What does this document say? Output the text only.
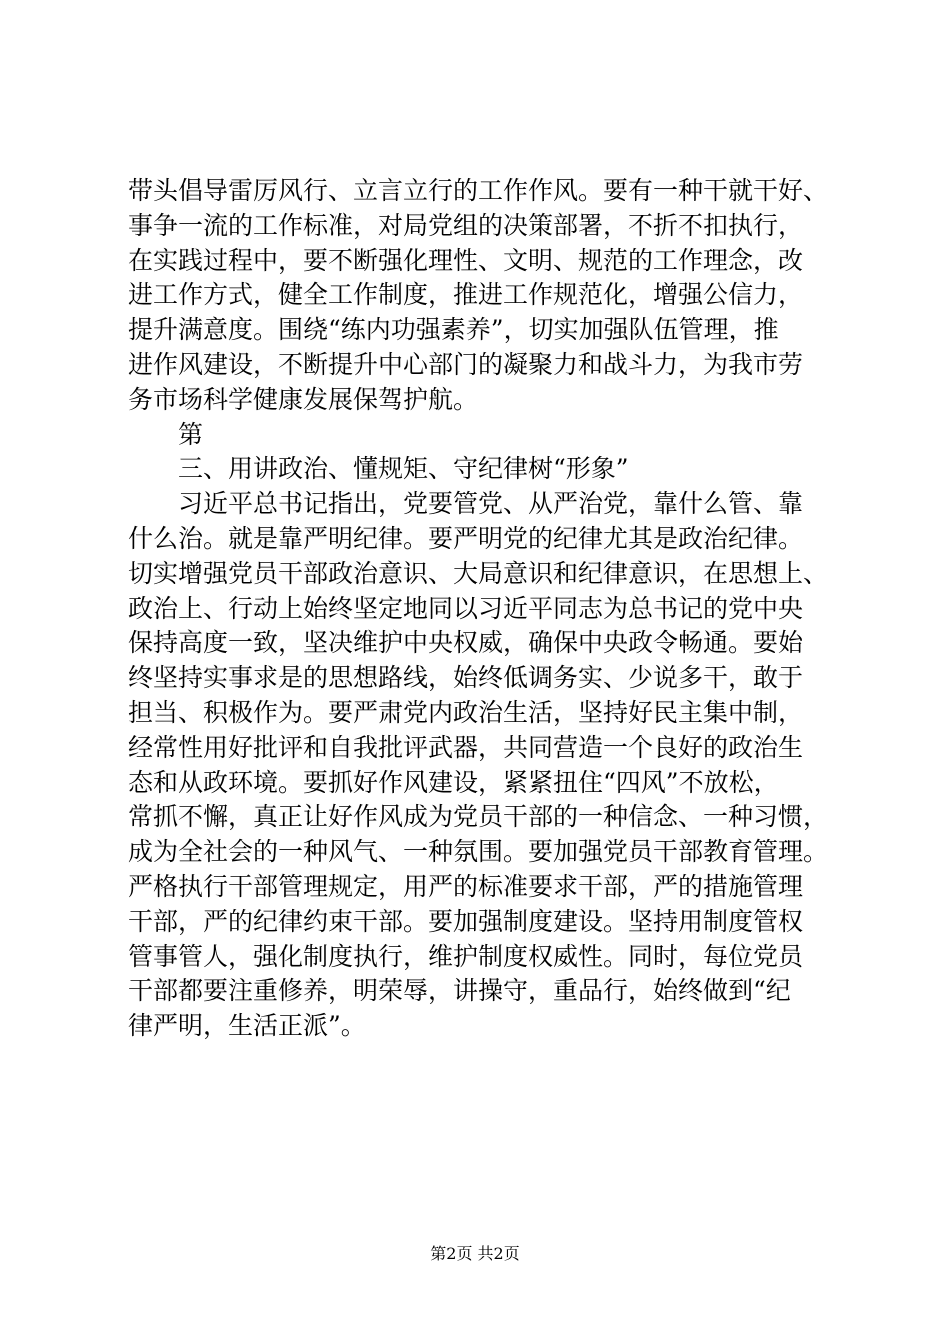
带头倡导雷厉风行、立言立行的工作作风。要有一种干就干好、
事争一流的工作标准，对局党组的决策部署，不折不扣执行，
在实践过程中，要不断强化理性、文明、规范的工作理念，改
进工作方式，健全工作制度，推进工作规范化，增强公信力，
提升满意度。围绕“练内功强素养”，切实加强队伍管理，推
进作风建设，不断提升中心部门的凝聚力和战斗力，为我市劳
务市场科学健康发展保驾护航。
第
三、用讲政治、懂规矩、守纪律树“形象”
习近平总书记指出，党要管党、从严治党，靠什么管、靠
什么治。就是靠严明纪律。要严明党的纪律尤其是政治纪律。
切实增强党员干部政治意识、大局意识和纪律意识，在思想上、
政治上、行动上始终坚定地同以习近平同志为总书记的党中央
保持高度一致，坚决维护中央权威，确保中央政令畅通。要始
终坚持实事求是的思想路线，始终低调务实、少说多干，敢于
担当、积极作为。要严肃党内政治生活，坚持好民主集中制，
经常性用好批评和自我批评武器，共同营造一个良好的政治生
态和从政环境。要抓好作风建设，紧紧扭住“四风”不放松，
常抓不懈，真正让好作风成为党员干部的一种信念、一种习惯，
成为全社会的一种风气、一种氛围。要加强党员干部教育管理。
严格执行干部管理规定，用严的标准要求干部，严的措施管理
干部，严的纪律约束干部。要加强制度建设。坚持用制度管权
管事管人，强化制度执行，维护制度权威性。同时，每位党员
干部都要注重修养，明荣辱，讲操守，重品行，始终做到“纪
律严明，生活正派”。
第2页 共2页
